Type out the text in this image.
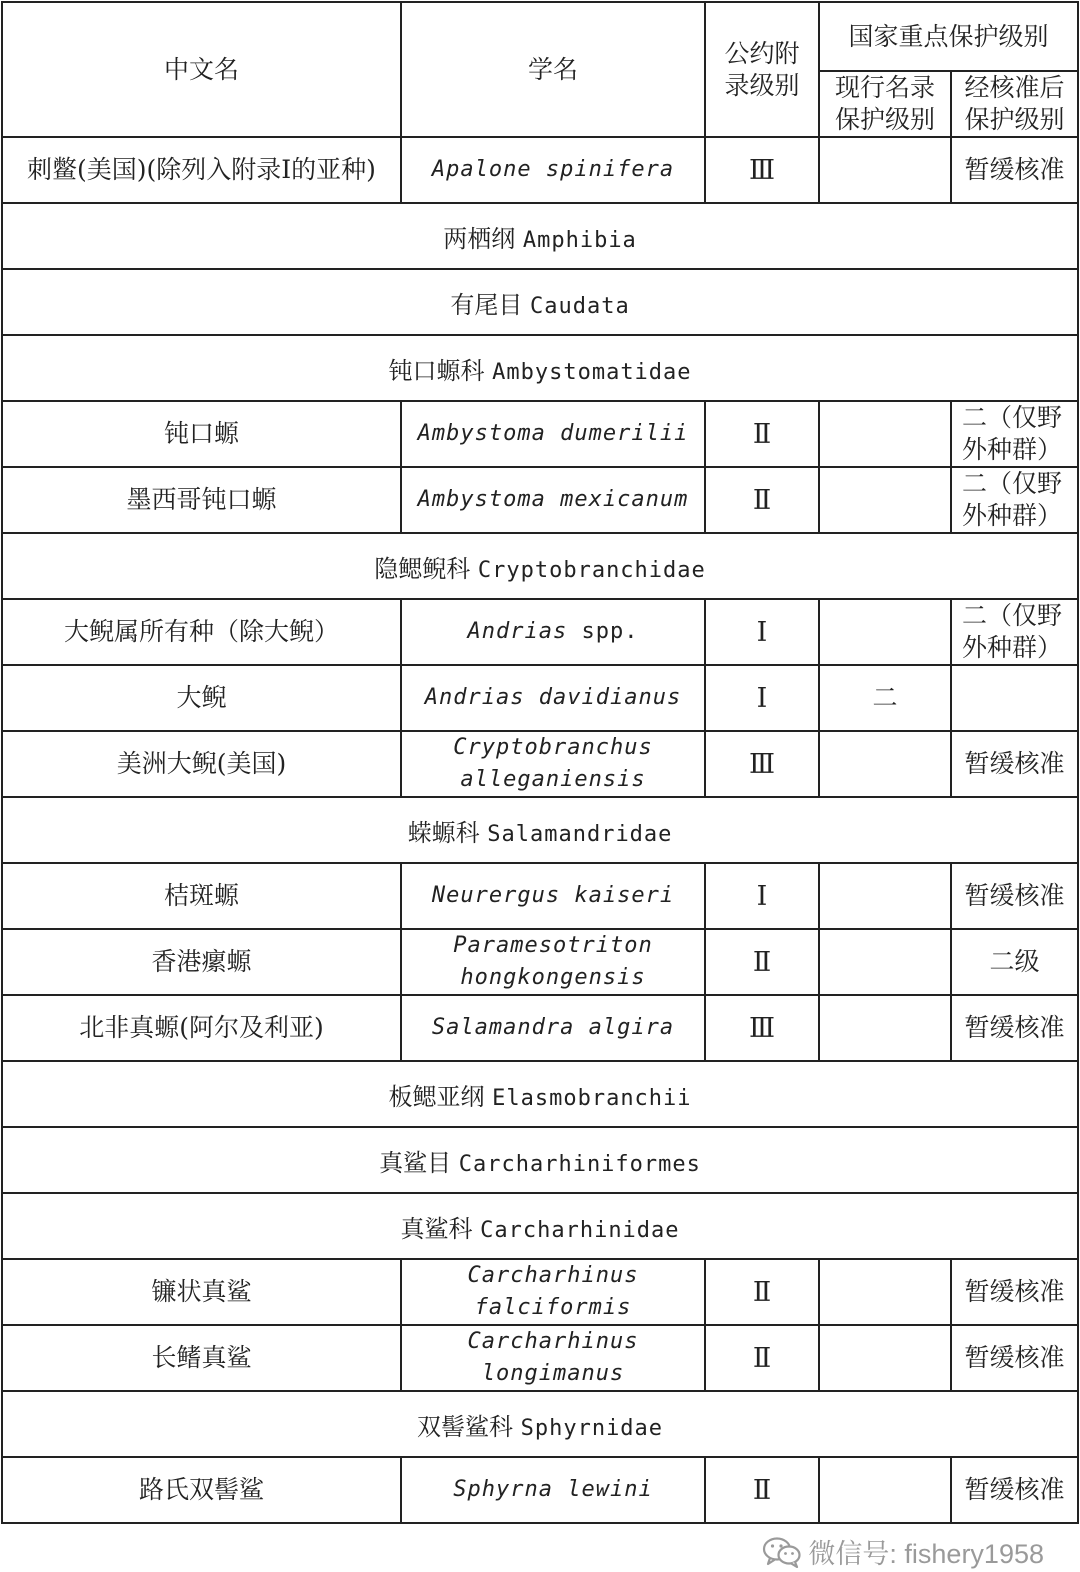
中文名	学名	公约附录级别	国家重点保护级别	
			现行名录保护级别	经核准后保护级别
刺鳖(美国)(除列入附录Ⅰ的亚种)	Apalone spinifera	Ⅲ		暂缓核准
两栖纲 Amphibia				
有尾目 Caudata				
钝口螈科 Ambystomatidae				
钝口螈	Ambystoma dumerilii	Ⅱ		二（仅野外种群）
墨西哥钝口螈	Ambystoma mexicanum	Ⅱ		二（仅野外种群）
隐鳃鲵科 Cryptobranchidae				
大鲵属所有种（除大鲵）	Andrias spp.	Ⅰ		二（仅野外种群）
大鲵	Andrias davidianus	Ⅰ	二	
美洲大鲵(美国)	Cryptobranchus alleganiensis	Ⅲ		暂缓核准
蝾螈科 Salamandridae				
桔斑螈	Neurergus kaiseri	Ⅰ		暂缓核准
香港瘰螈	Paramesotriton hongkongensis	Ⅱ		二级
北非真螈(阿尔及利亚)	Salamandra algira	Ⅲ		暂缓核准
板鳃亚纲 Elasmobranchii				
真鲨目 Carcharhiniformes				
真鲨科 Carcharhinidae				
镰状真鲨	Carcharhinus falciformis	Ⅱ		暂缓核准
长鳍真鲨	Carcharhinus longimanus	Ⅱ		暂缓核准
双髻鲨科 Sphyrnidae				
路氏双髻鲨	Sphyrna lewini	Ⅱ		暂缓核准
微信号: fishery1958
